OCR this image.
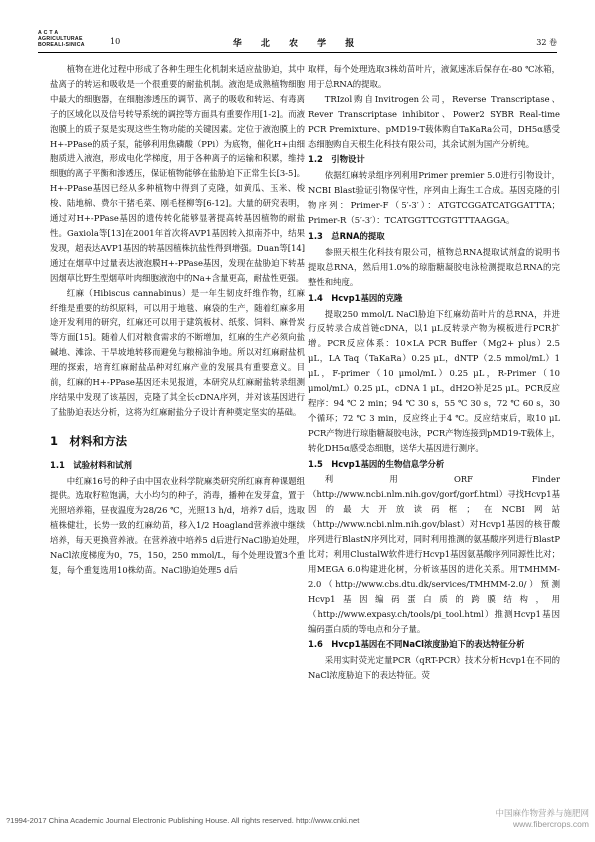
A C T A
AGRICULTURAE
BOREALI-SINICA	10	华 北 农 学 报	32 卷

植物在进化过程中形成了各种生理生化机制来适应盐胁迫，其中盐离子的转运和吸收是一个很重要的耐盐机制。液泡是成熟植物细胞中最大的细胞器，在细胞渗透压的调节、离子的吸收和转运、有毒离子的区域化以及信号转导系统的调控等方面具有重要作用[1-2]。而液泡膜上的质子泵是实现这些生物功能的关键因素。定位于液泡膜上的H+-PPase的质子泵，能够利用焦磷酸（PPi）为底物，催化H+由细胞质进入液泡，形成电化学梯度，用于各种离子的运输和积累，维持细胞的离子平衡和渗透压，保证植物能够在盐胁迫下正常生长[3-5]。H+-PPase基因已经从多种植物中得到了克隆，如黄瓜、玉米、梭梭、陆地棉、费尔干猪毛菜、刚毛柽柳等[6-12]。大量的研究表明，通过对H+-PPase基因的遗传转化能够显著提高转基因植物的耐盐性。Gaxiola等[13]在2001年首次将AVP1基因转入拟南芥中，结果发现，超表达AVP1基因的转基因植株抗盐性得到增强。Duan等[14]通过在烟草中过量表达液泡膜H+-PPase基因，发现在盐胁迫下转基因烟草比野生型烟草叶肉细胞液泡中的Na+含量更高，耐盐性更强。

红麻（Hibiscus cannabinus）是一年生韧皮纤维作物，红麻纤维是重要的纺织原料，可以用于地毯、麻袋的生产，随着红麻多用途开发利用的研究，红麻还可以用于建筑板材、纸浆、饲料、麻骨炭等方面[15]。随着人们对粮食需求的不断增加，红麻的生产必须向盐碱地、滩涂、干旱坡地转移而避免与粮棉油争地。所以对红麻耐盐机理的探索，培育红麻耐盐品种对红麻产业的发展具有重要意义。目前，红麻的H+-PPase基因还未见报道，本研究从红麻耐盐转录组测序结果中发现了该基因，克隆了其全长cDNA序列，并对该基因进行了盐胁迫表达分析，这将为红麻耐盐分子设计育种奠定坚实的基础。

1　材料和方法
1.1　试验材料和试剂

中红麻16号的种子由中国农业科学院麻类研究所红麻育种课题组提供。选取籽粒饱满，大小均匀的种子，消毒，播种在发芽盒，置于光照培养箱，昼夜温度为28/26 ℃，光照13 h/d，培养7 d后，选取植株健壮，长势一致的红麻幼苗，移入1/2 Hoagland营养液中继续培养，每天更换营养液。在营养液中培养5 d后进行NaCl胁迫处理，NaCl浓度梯度为0，75，150，250 mmol/L，每个处理设置3个重复，每个重复选用10株幼苗。NaCl胁迫处理5 d后

取样，每个处理选取3株幼苗叶片，液氮速冻后保存在-80 ℃冰箱，用于总RNA的提取。

TRIzol购自Invitrogen公司，Reverse Transcriptase、Rever Transcriptase inhibitor、Power2 SYBR Real-time PCR Premixture、pMD19-T载体购自TaKaRa公司，DH5α感受态细胞购自天根生化科技有限公司，其余试剂为国产分析纯。

1.2　引物设计

依据红麻转录组序列利用Primer premier 5.0进行引物设计，NCBI Blast验证引物保守性，序列由上海生工合成。基因克隆的引物序列：Primer-F（5′-3′）：ATGTCGGATCATGGATTTA；Primer-R（5′-3′）：TCATGGTTCGTGTTTAAGGA。

1.3　总RNA的提取

参照天根生化科技有限公司，植物总RNA提取试剂盒的说明书提取总RNA，然后用1.0%的琼脂糖凝胶电泳检测提取总RNA的完整性和纯度。

1.4　Hcvp1基因的克隆

提取250 mmol/L NaCl胁迫下红麻幼苗叶片的总RNA，并进行反转录合成首链cDNA，以1 μL反转录产物为模板进行PCR扩增。PCR反应体系：10×LA PCR Buffer（Mg2+ plus）2.5 μL，LA Taq（TaKaRa）0.25 μL，dNTP（2.5 mmol/mL）1 μL，F-primer（10 μmol/mL）0.25 μL，R-Primer（10 μmol/mL）0.25 μL，cDNA 1 μL，dH2O补足25 μL。PCR反应程序：94 ℃ 2 min；94 ℃ 30 s，55 ℃ 30 s，72 ℃ 60 s，30个循环；72 ℃ 3 min，反应终止于4 ℃。反应结束后，取10 μL PCR产物进行琼脂糖凝胶电泳，PCR产物连接到pMD19-T载体上，转化DH5α感受态细胞，送华大基因进行测序。

1.5　Hcvp1基因的生物信息学分析

利用ORF Finder（http://www.ncbi.nlm.nih.gov/gorf/gorf.html）寻找Hcvp1基因的最大开放读码框；在NCBI网站（http://www.ncbi.nlm.nih.gov/blast）对Hcvp1基因的核苷酸序列进行BlastN序列比对，同时利用推测的氨基酸序列进行BlastP比对；利用ClustalW软件进行Hcvp1基因氨基酸序列同源性比对；用MEGA 6.0构建进化树，分析该基因的进化关系。用TMHMM-2.0（http://www.cbs.dtu.dk/services/TMHMM-2.0/）预测Hcvp1基因编码蛋白质的跨膜结构，用（http://www.expasy.ch/tools/pi_tool.html）推测Hcvp1基因编码蛋白质的等电点和分子量。

1.6　Hvcp1基因在不同NaCl浓度胁迫下的表达特征分析

采用实时荧光定量PCR（qRT-PCR）技术分析Hcvp1在不同的NaCl浓度胁迫下的表达特征。荧

?1994-2017 China Academic Journal Electronic Publishing House. All rights reserved. http://www.cnki.net
中国麻作物营养与施肥网
www.fibercrops.com
